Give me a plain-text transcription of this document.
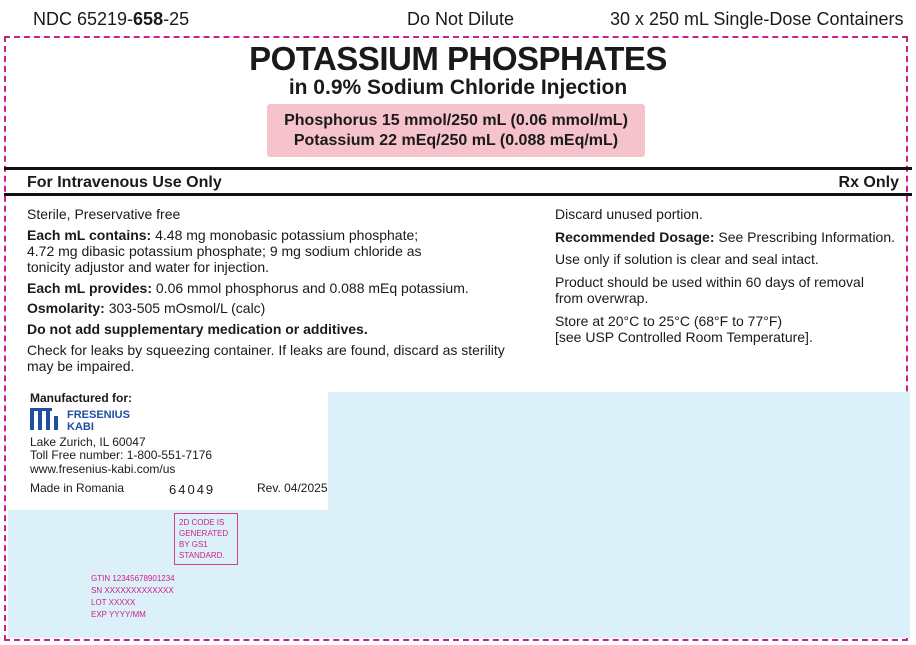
NDC 65219-658-25	Do Not Dilute	30 x 250 mL Single-Dose Containers
POTASSIUM PHOSPHATES
in 0.9% Sodium Chloride Injection
Phosphorus 15 mmol/250 mL (0.06 mmol/mL)
Potassium 22 mEq/250 mL (0.088 mEq/mL)
For Intravenous Use Only	Rx Only
Sterile, Preservative free
Each mL contains: 4.48 mg monobasic potassium phosphate;
4.72 mg dibasic potassium phosphate; 9 mg sodium chloride as
tonicity adjustor and water for injection.
Each mL provides: 0.06 mmol phosphorus and 0.088 mEq potassium.
Osmolarity: 303-505 mOsmol/L (calc)
Do not add supplementary medication or additives.
Check for leaks by squeezing container. If leaks are found, discard as sterility
may be impaired.
Discard unused portion.
Recommended Dosage: See Prescribing Information.
Use only if solution is clear and seal intact.
Product should be used within 60 days of removal
from overwrap.
Store at 20°C to 25°C (68°F to 77°F)
[see USP Controlled Room Temperature].
Manufactured for:
FRESENIUS
KABI
Lake Zurich, IL 60047
Toll Free number: 1-800-551-7176
www.fresenius-kabi.com/us
Made in Romania	64049	Rev. 04/2025
2D CODE IS
GENERATED
BY GS1
STANDARD.
GTIN 12345678901234
SN XXXXXXXXXXXXX
LOT XXXXX
EXP YYYY/MM
